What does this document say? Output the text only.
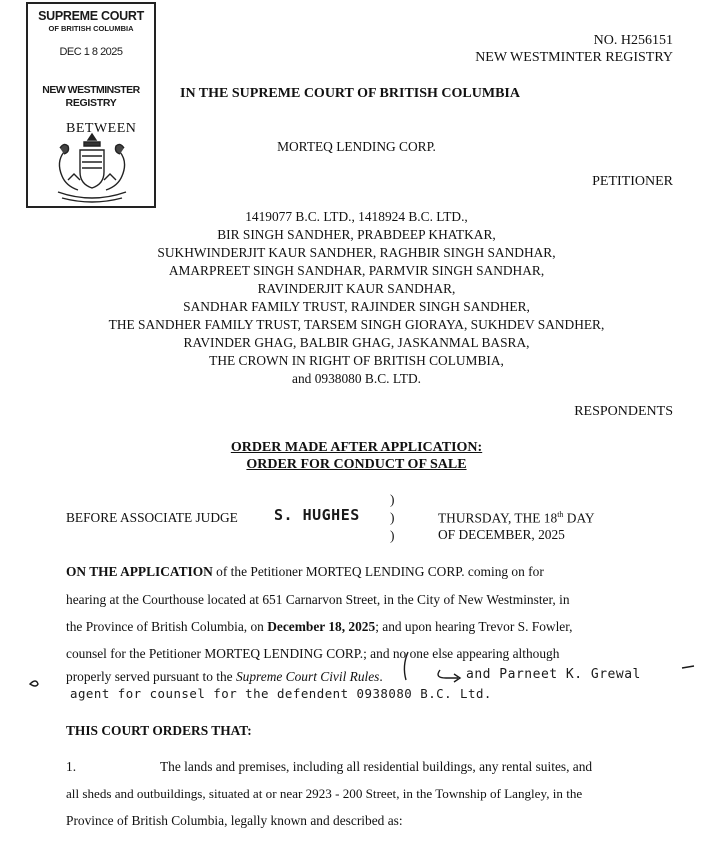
SUPREME COURT
OF BRITISH COLUMBIA
DEC 1 8 2025
NEW WESTMINSTER
REGISTRY
NO. H256151
NEW WESTMINTER REGISTRY
IN THE SUPREME COURT OF BRITISH COLUMBIA
BETWEEN
MORTEQ LENDING CORP.
PETITIONER
1419077 B.C. LTD., 1418924 B.C. LTD.,
BIR SINGH SANDHER, PRABDEEP KHATKAR,
SUKHWINDERJIT KAUR SANDHER, RAGHBIR SINGH SANDHAR,
AMARPREET SINGH SANDHAR, PARMVIR SINGH SANDHAR,
RAVINDERJIT KAUR SANDHAR,
SANDHAR FAMILY TRUST, RAJINDER SINGH SANDHER,
THE SANDHER FAMILY TRUST, TARSEM SINGH GIORAYA, SUKHDEV SANDHER,
RAVINDER GHAG, BALBIR GHAG, JASKANMAL BASRA,
THE CROWN IN RIGHT OF BRITISH COLUMBIA,
and 0938080 B.C. LTD.
RESPONDENTS
ORDER MADE AFTER APPLICATION:
ORDER FOR CONDUCT OF SALE
BEFORE ASSOCIATE JUDGE S. HUGHES
)
)
)
THURSDAY, THE 18th DAY
OF DECEMBER, 2025
ON THE APPLICATION of the Petitioner MORTEQ LENDING CORP. coming on for
hearing at the Courthouse located at 651 Carnarvon Street, in the City of New Westminster, in
the Province of British Columbia, on December 18, 2025; and upon hearing Trevor S. Fowler,
counsel for the Petitioner MORTEQ LENDING CORP.; and no one else appearing although
properly served pursuant to the Supreme Court Civil Rules.	and Parneet K. Grewal
agent for counsel for the defendent 0938080 B.C. Ltd.
THIS COURT ORDERS THAT:
1.	The lands and premises, including all residential buildings, any rental suites, and
all sheds and outbuildings, situated at or near 2923 - 200 Street, in the Township of Langley, in the
Province of British Columbia, legally known and described as:
